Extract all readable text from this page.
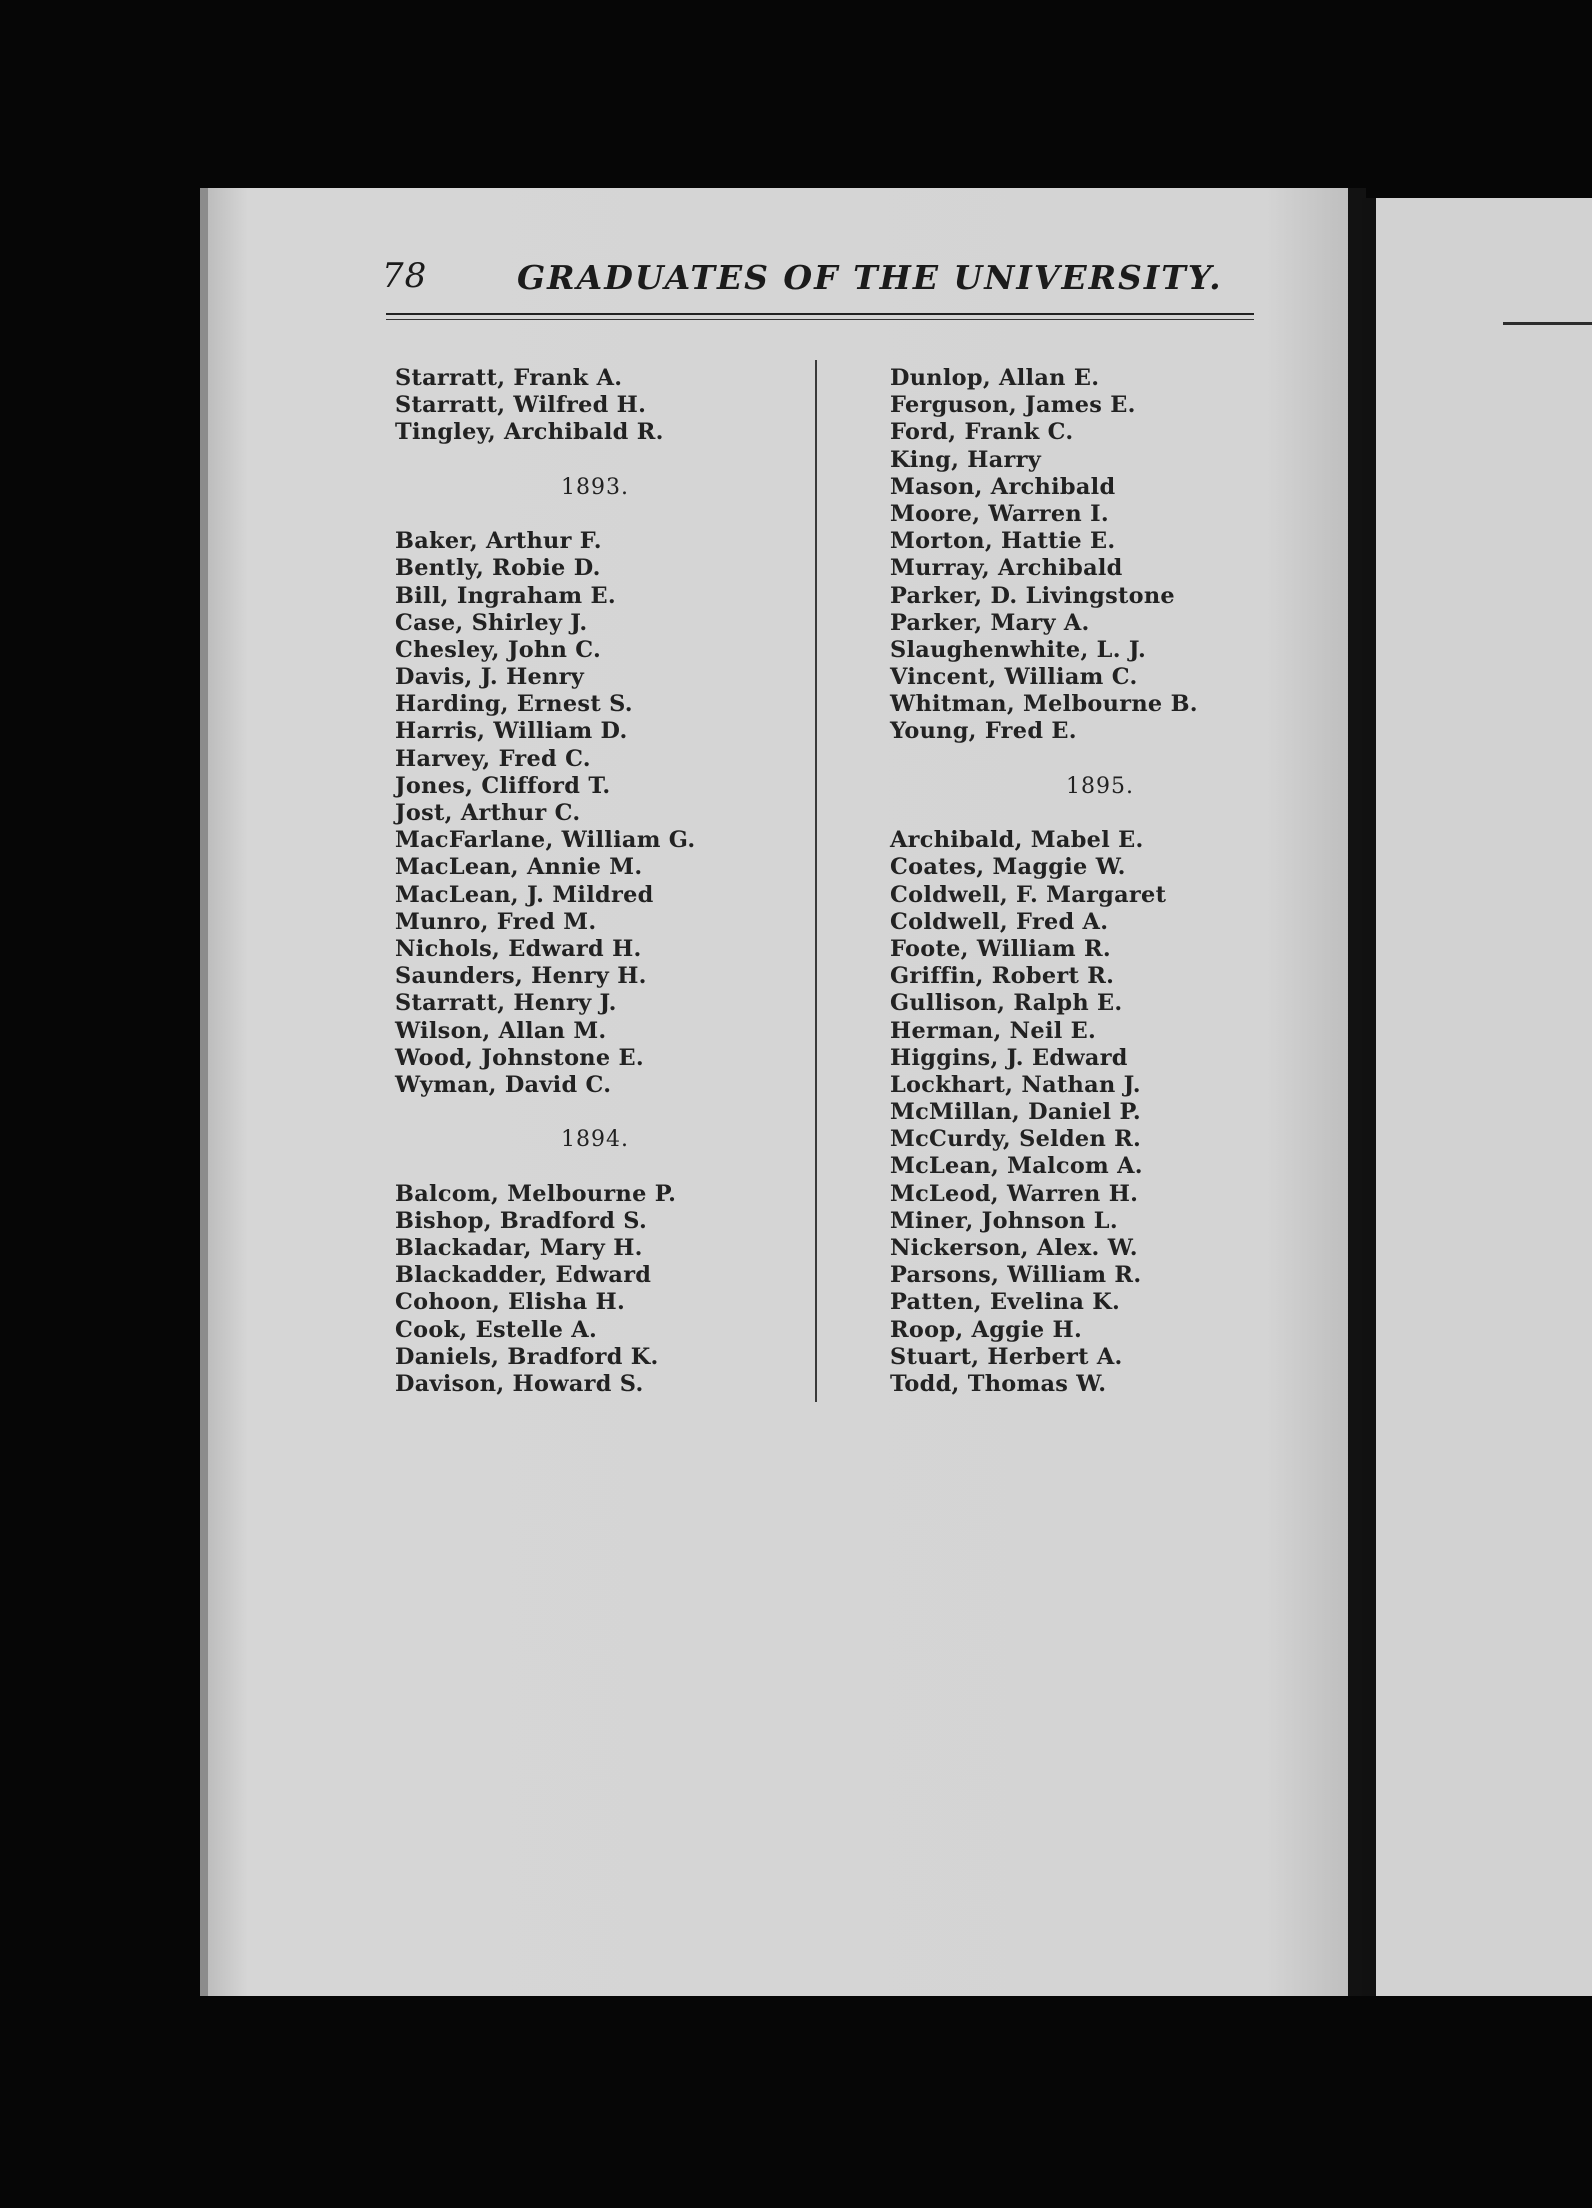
78	GRADUATES OF THE UNIVERSITY.
Starratt, Frank A.
Starratt, Wilfred H.
Tingley, Archibald R.
1893.
Baker, Arthur F.
Bently, Robie D.
Bill, Ingraham E.
Case, Shirley J.
Chesley, John C.
Davis, J. Henry
Harding, Ernest S.
Harris, William D.
Harvey, Fred C.
Jones, Clifford T.
Jost, Arthur C.
MacFarlane, William G.
MacLean, Annie M.
MacLean, J. Mildred
Munro, Fred M.
Nichols, Edward H.
Saunders, Henry H.
Starratt, Henry J.
Wilson, Allan M.
Wood, Johnstone E.
Wyman, David C.
1894.
Balcom, Melbourne P.
Bishop, Bradford S.
Blackadar, Mary H.
Blackadder, Edward
Cohoon, Elisha H.
Cook, Estelle A.
Daniels, Bradford K.
Davison, Howard S.
Dunlop, Allan E.
Ferguson, James E.
Ford, Frank C.
King, Harry
Mason, Archibald
Moore, Warren I.
Morton, Hattie E.
Murray, Archibald
Parker, D. Livingstone
Parker, Mary A.
Slaughenwhite, L. J.
Vincent, William C.
Whitman, Melbourne B.
Young, Fred E.
1895.
Archibald, Mabel E.
Coates, Maggie W.
Coldwell, F. Margaret
Coldwell, Fred A.
Foote, William R.
Griffin, Robert R.
Gullison, Ralph E.
Herman, Neil E.
Higgins, J. Edward
Lockhart, Nathan J.
McMillan, Daniel P.
McCurdy, Selden R.
McLean, Malcom A.
McLeod, Warren H.
Miner, Johnson L.
Nickerson, Alex. W.
Parsons, William R.
Patten, Evelina K.
Roop, Aggie H.
Stuart, Herbert A.
Todd, Thomas W.
